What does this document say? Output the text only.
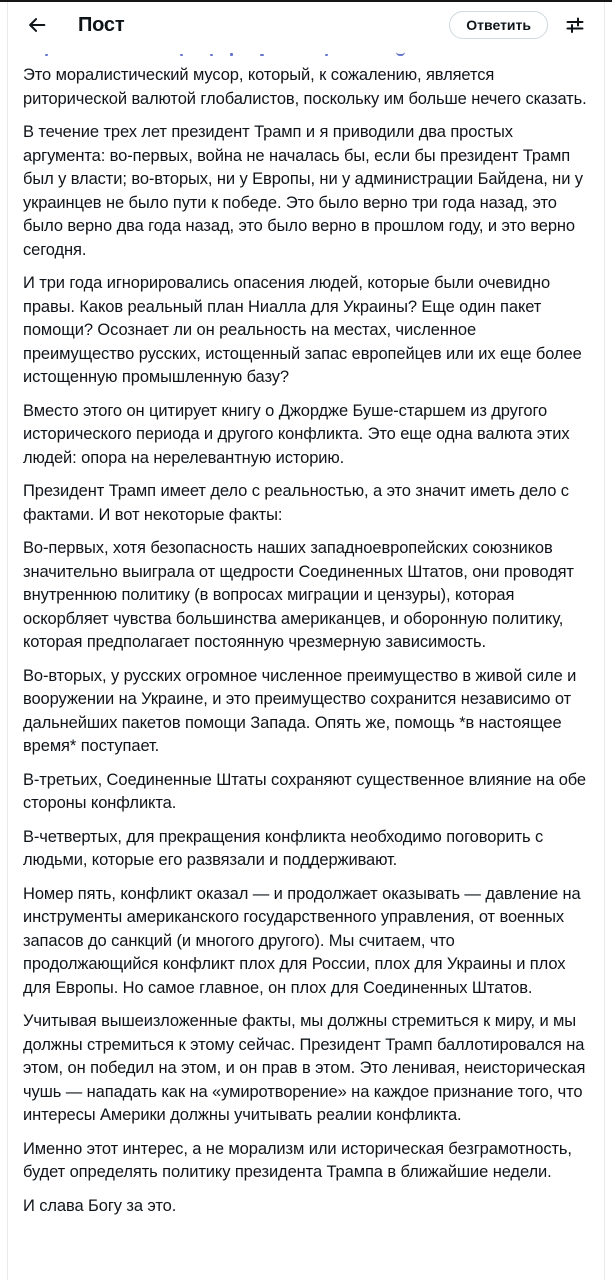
Пост	Ответить

Это моралистический мусор, который, к сожалению, является риторической валютой глобалистов, поскольку им больше нечего сказать.

В течение трех лет президент Трамп и я приводили два простых аргумента: во-первых, война не началась бы, если бы президент Трамп был у власти; во-вторых, ни у Европы, ни у администрации Байдена, ни у украинцев не было пути к победе. Это было верно три года назад, это было верно два года назад, это было верно в прошлом году, и это верно сегодня.

И три года игнорировались опасения людей, которые были очевидно правы. Каков реальный план Ниалла для Украины? Еще один пакет помощи? Осознает ли он реальность на местах, численное преимущество русских, истощенный запас европейцев или их еще более истощенную промышленную базу?

Вместо этого он цитирует книгу о Джордже Буше-старшем из другого исторического периода и другого конфликта. Это еще одна валюта этих людей: опора на нерелевантную историю.

Президент Трамп имеет дело с реальностью, а это значит иметь дело с фактами. И вот некоторые факты:

Во-первых, хотя безопасность наших западноевропейских союзников значительно выиграла от щедрости Соединенных Штатов, они проводят внутреннюю политику (в вопросах миграции и цензуры), которая оскорбляет чувства большинства американцев, и оборонную политику, которая предполагает постоянную чрезмерную зависимость.

Во-вторых, у русских огромное численное преимущество в живой силе и вооружении на Украине, и это преимущество сохранится независимо от дальнейших пакетов помощи Запада. Опять же, помощь *в настоящее время* поступает.

В-третьих, Соединенные Штаты сохраняют существенное влияние на обе стороны конфликта.

В-четвертых, для прекращения конфликта необходимо поговорить с людьми, которые его развязали и поддерживают.

Номер пять, конфликт оказал — и продолжает оказывать — давление на инструменты американского государственного управления, от военных запасов до санкций (и многого другого). Мы считаем, что продолжающийся конфликт плох для России, плох для Украины и плох для Европы. Но самое главное, он плох для Соединенных Штатов.

Учитывая вышеизложенные факты, мы должны стремиться к миру, и мы должны стремиться к этому сейчас. Президент Трамп баллотировался на этом, он победил на этом, и он прав в этом. Это ленивая, неисторическая чушь — нападать как на «умиротворение» на каждое признание того, что интересы Америки должны учитывать реалии конфликта.

Именно этот интерес, а не морализм или историческая безграмотность, будет определять политику президента Трампа в ближайшие недели.

И слава Богу за это.
